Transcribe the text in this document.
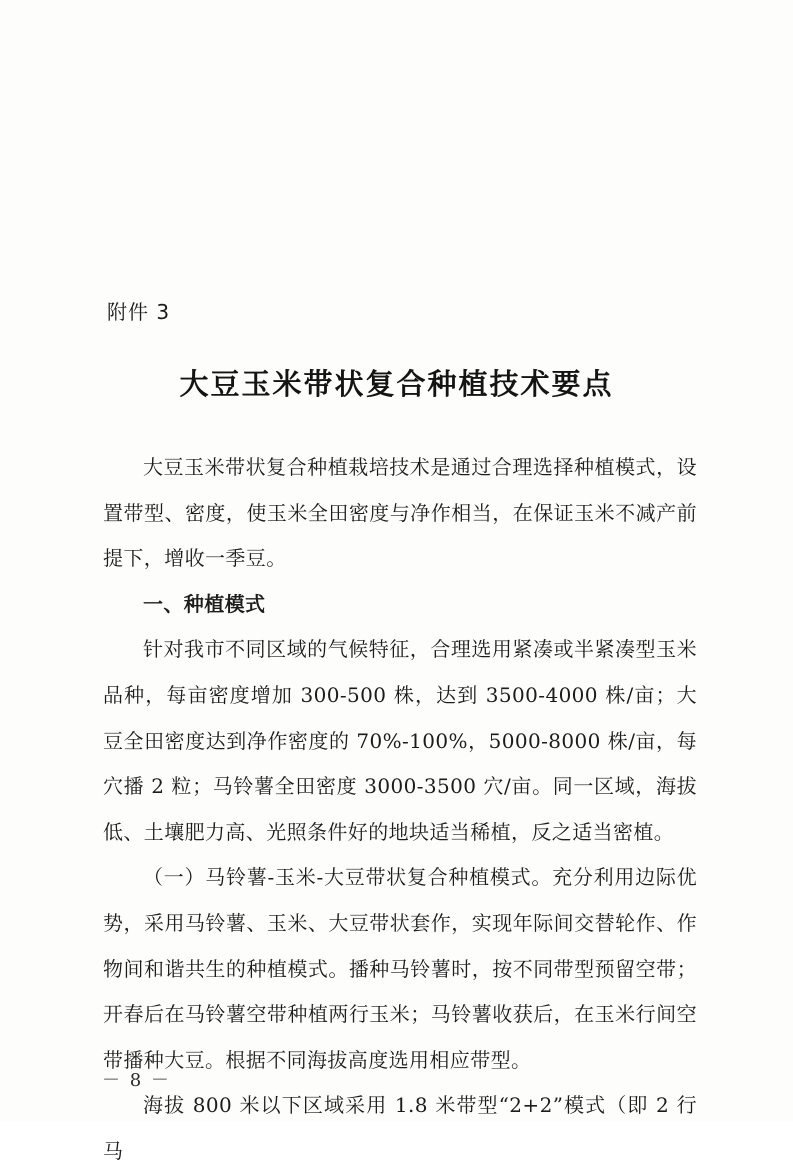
附件 3
大豆玉米带状复合种植技术要点

大豆玉米带状复合种植栽培技术是通过合理选择种植模式，设置带型、密度，使玉米全田密度与净作相当，在保证玉米不减产前提下，增收一季豆。

一、种植模式

针对我市不同区域的气候特征，合理选用紧凑或半紧凑型玉米品种，每亩密度增加 300-500 株，达到 3500-4000 株/亩；大豆全田密度达到净作密度的 70%-100%，5000-8000 株/亩，每穴播 2 粒；马铃薯全田密度 3000-3500 穴/亩。同一区域，海拔低、土壤肥力高、光照条件好的地块适当稀植，反之适当密植。

（一）马铃薯-玉米-大豆带状复合种植模式。充分利用边际优势，采用马铃薯、玉米、大豆带状套作，实现年际间交替轮作、作物间和谐共生的种植模式。播种马铃薯时，按不同带型预留空带；开春后在马铃薯空带种植两行玉米；马铃薯收获后，在玉米行间空带播种大豆。根据不同海拔高度选用相应带型。

海拔 800 米以下区域采用 1.8 米带型“2+2”模式（即 2 行马

－ 8 －
